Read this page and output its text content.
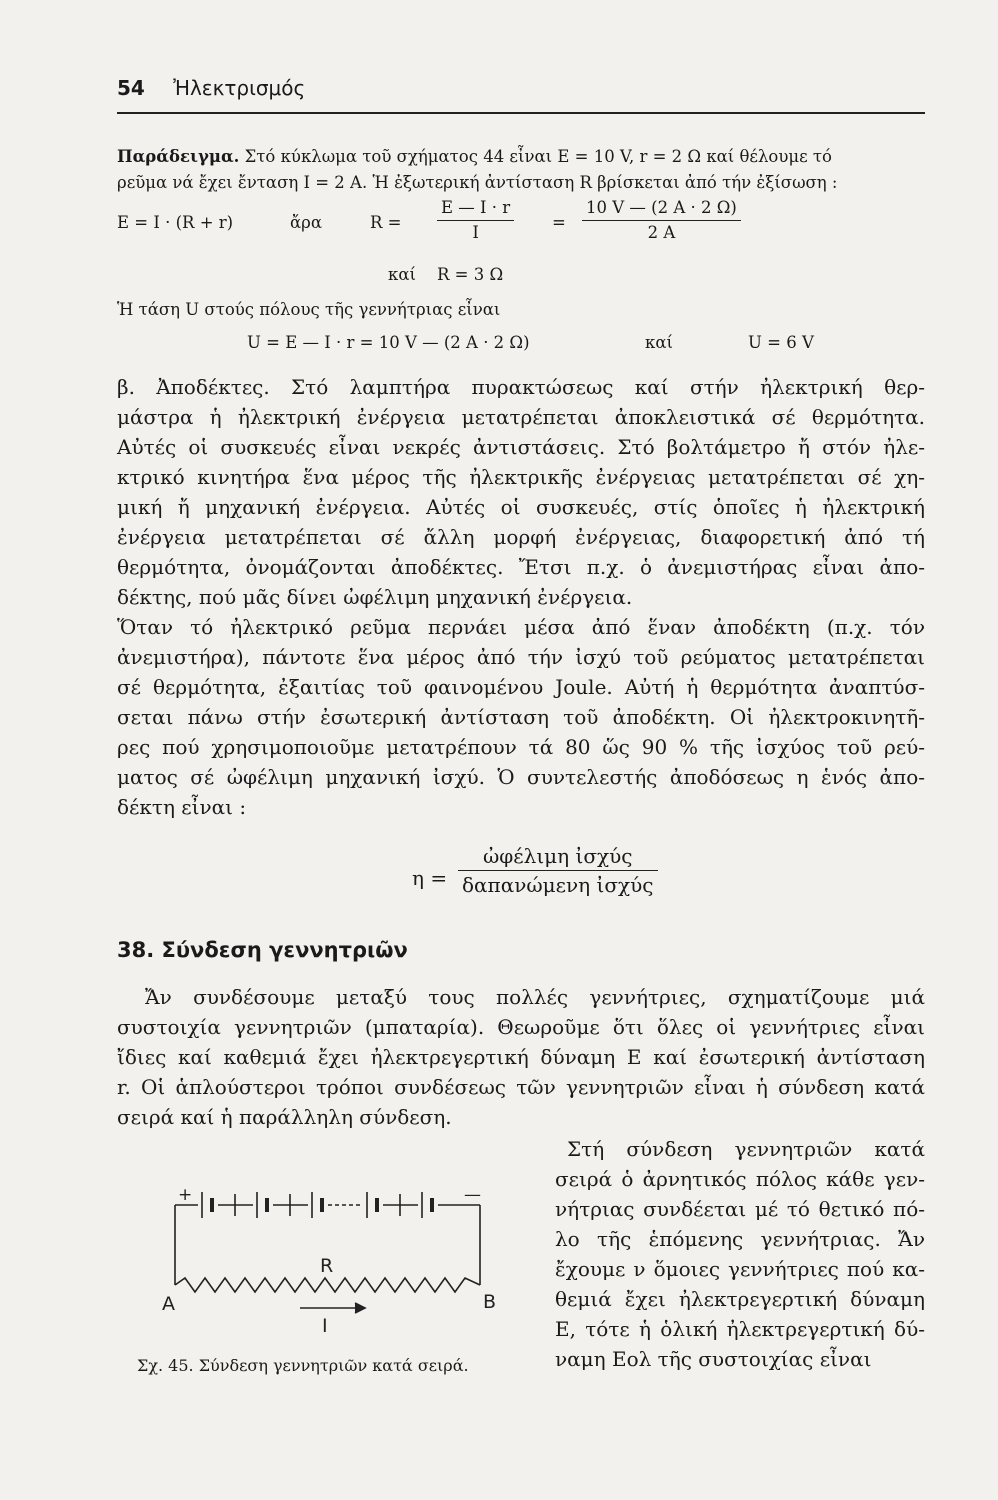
54 Ἠλεκτρισμός
Παράδειγμα. Στό κύκλωμα τοῦ σχήματος 44 εἶναι E = 10 V, r = 2 Ω καί θέλουμε τό
ρεῦμα νά ἔχει ἔνταση I = 2 A. Ἡ ἐξωτερική ἀντίσταση R βρίσκεται ἀπό τήν ἐξίσωση :
E = I · (R + r)	ἄρα	$R = \frac{E — I \cdot r}{I} = \frac{10 V — (2 A \cdot 2 \Omega)}{2 A}$
καί R = 3 Ω
Ἡ τάση U στούς πόλους τῆς γεννήτριας εἶναι
U = E — I · r = 10 V — (2 A · 2 Ω)	καί	U = 6 V
β. Ἀποδέκτες. Στό λαμπτήρα πυρακτώσεως καί στήν ἠλεκτρική θερ-
μάστρα ἡ ἠλεκτρική ἐνέργεια μετατρέπεται ἀποκλειστικά σέ θερμότητα.
Αὐτές οἱ συσκευές εἶναι νεκρές ἀντιστάσεις. Στό βολτάμετρο ἤ στόν ἠλε-
κτρικό κινητήρα ἕνα μέρος τῆς ἠλεκτρικῆς ἐνέργειας μετατρέπεται σέ χη-
μική ἤ μηχανική ἐνέργεια. Αὐτές οἱ συσκευές, στίς ὁποῖες ἡ ἠλεκτρική
ἐνέργεια μετατρέπεται σέ ἄλλη μορφή ἐνέργειας, διαφορετική ἀπό τή
θερμότητα, ὀνομάζονται ἀποδέκτες. Ἔτσι π.χ. ὁ ἀνεμιστήρας εἶναι ἀπο-
δέκτης, πού μᾶς δίνει ὠφέλιμη μηχανική ἐνέργεια.
Ὅταν τό ἠλεκτρικό ρεῦμα περνάει μέσα ἀπό ἕναν ἀποδέκτη (π.χ. τόν
ἀνεμιστήρα), πάντοτε ἕνα μέρος ἀπό τήν ἰσχύ τοῦ ρεύματος μετατρέπεται
σέ θερμότητα, ἐξαιτίας τοῦ φαινομένου Joule. Αὐτή ἡ θερμότητα ἀναπτύσ-
σεται πάνω στήν ἐσωτερική ἀντίσταση τοῦ ἀποδέκτη. Οἱ ἠλεκτροκινητῆ-
ρες πού χρησιμοποιοῦμε μετατρέπουν τά 80 ὥς 90 % τῆς ἰσχύος τοῦ ρεύ-
ματος σέ ὠφέλιμη μηχανική ἰσχύ. Ὁ συντελεστής ἀποδόσεως η ἑνός ἀπο-
δέκτη εἶναι :
η =
ὠφέλιμη ἰσχύς
δαπανώμενη ἰσχύς
38. Σύνδεση γεννητριῶν
Ἄν συνδέσουμε μεταξύ τους πολλές γεννήτριες, σχηματίζουμε μιά
συστοιχία γεννητριῶν (μπαταρία). Θεωροῦμε ὅτι ὅλες οἱ γεννήτριες εἶναι
ἴδιες καί καθεμιά ἔχει ἠλεκτρεγερτική δύναμη E καί ἐσωτερική ἀντίσταση
r. Οἱ ἁπλούστεροι τρόποι συνδέσεως τῶν γεννητριῶν εἶναι ἡ σύνδεση κατά
σειρά καί ἡ παράλληλη σύνδεση.
Στή σύνδεση γεννητριῶν κατά
σειρά ὁ ἀρνητικός πόλος κάθε γεν-
νήτριας συνδέεται μέ τό θετικό πό-
λο τῆς ἑπόμενης γεννήτριας. Ἄν
ἔχουμε ν ὅμοιες γεννήτριες πού κα-
θεμιά ἔχει ἠλεκτρεγερτική δύναμη
E, τότε ἡ ὁλική ἠλεκτρεγερτική δύ-
ναμη Eολ τῆς συστοιχίας εἶναι
+	—
R
A	B
I
Σχ. 45. Σύνδεση γεννητριῶν κατά σειρά.
